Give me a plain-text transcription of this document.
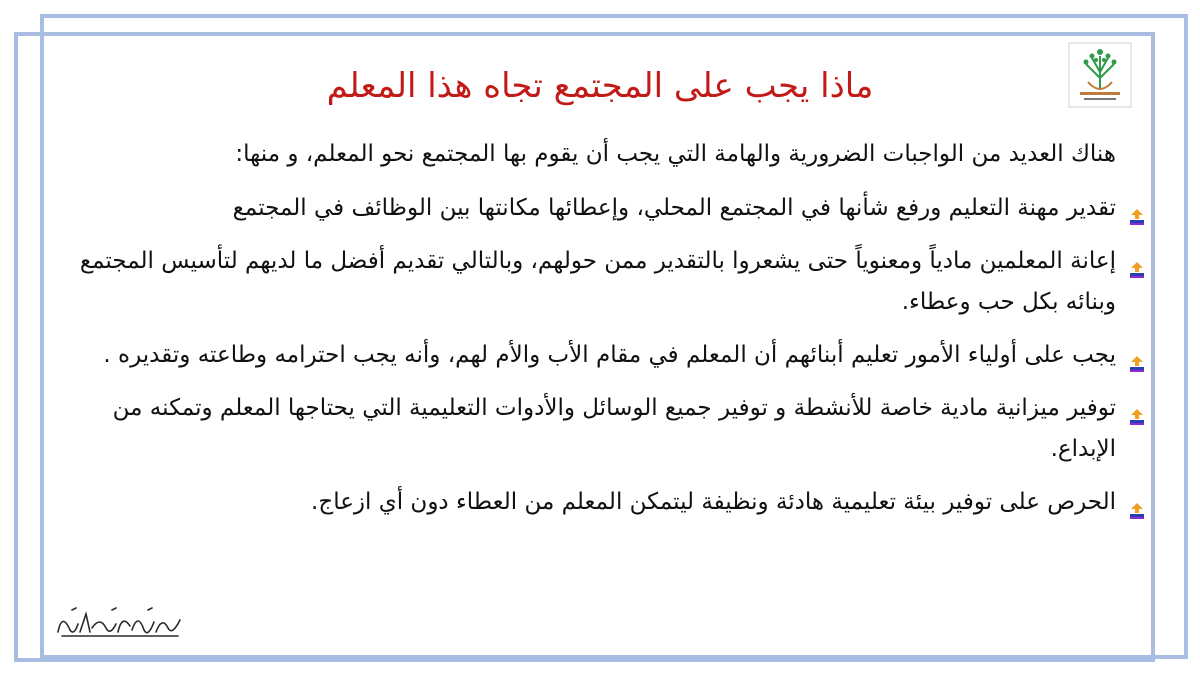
ماذا يجب على المجتمع تجاه هذا المعلم

هناك العديد من الواجبات الضرورية والهامة التي يجب أن يقوم بها المجتمع نحو المعلم، و منها:

تقدير مهنة التعليم ورفع شأنها في المجتمع المحلي، وإعطائها مكانتها بين الوظائف في المجتمع
إعانة المعلمين مادياً ومعنوياً حتى يشعروا بالتقدير ممن حولهم، وبالتالي تقديم أفضل ما لديهم لتأسيس المجتمع وبنائه بكل حب وعطاء.
يجب على أولياء الأمور تعليم أبنائهم أن المعلم في مقام الأب والأم لهم، وأنه يجب احترامه وطاعته وتقديره .
توفير ميزانية مادية خاصة للأنشطة و توفير جميع الوسائل والأدوات التعليمية التي يحتاجها المعلم وتمكنه من الإبداع.
الحرص على توفير بيئة تعليمية هادئة ونظيفة ليتمكن المعلم من العطاء دون أي ازعاج.
